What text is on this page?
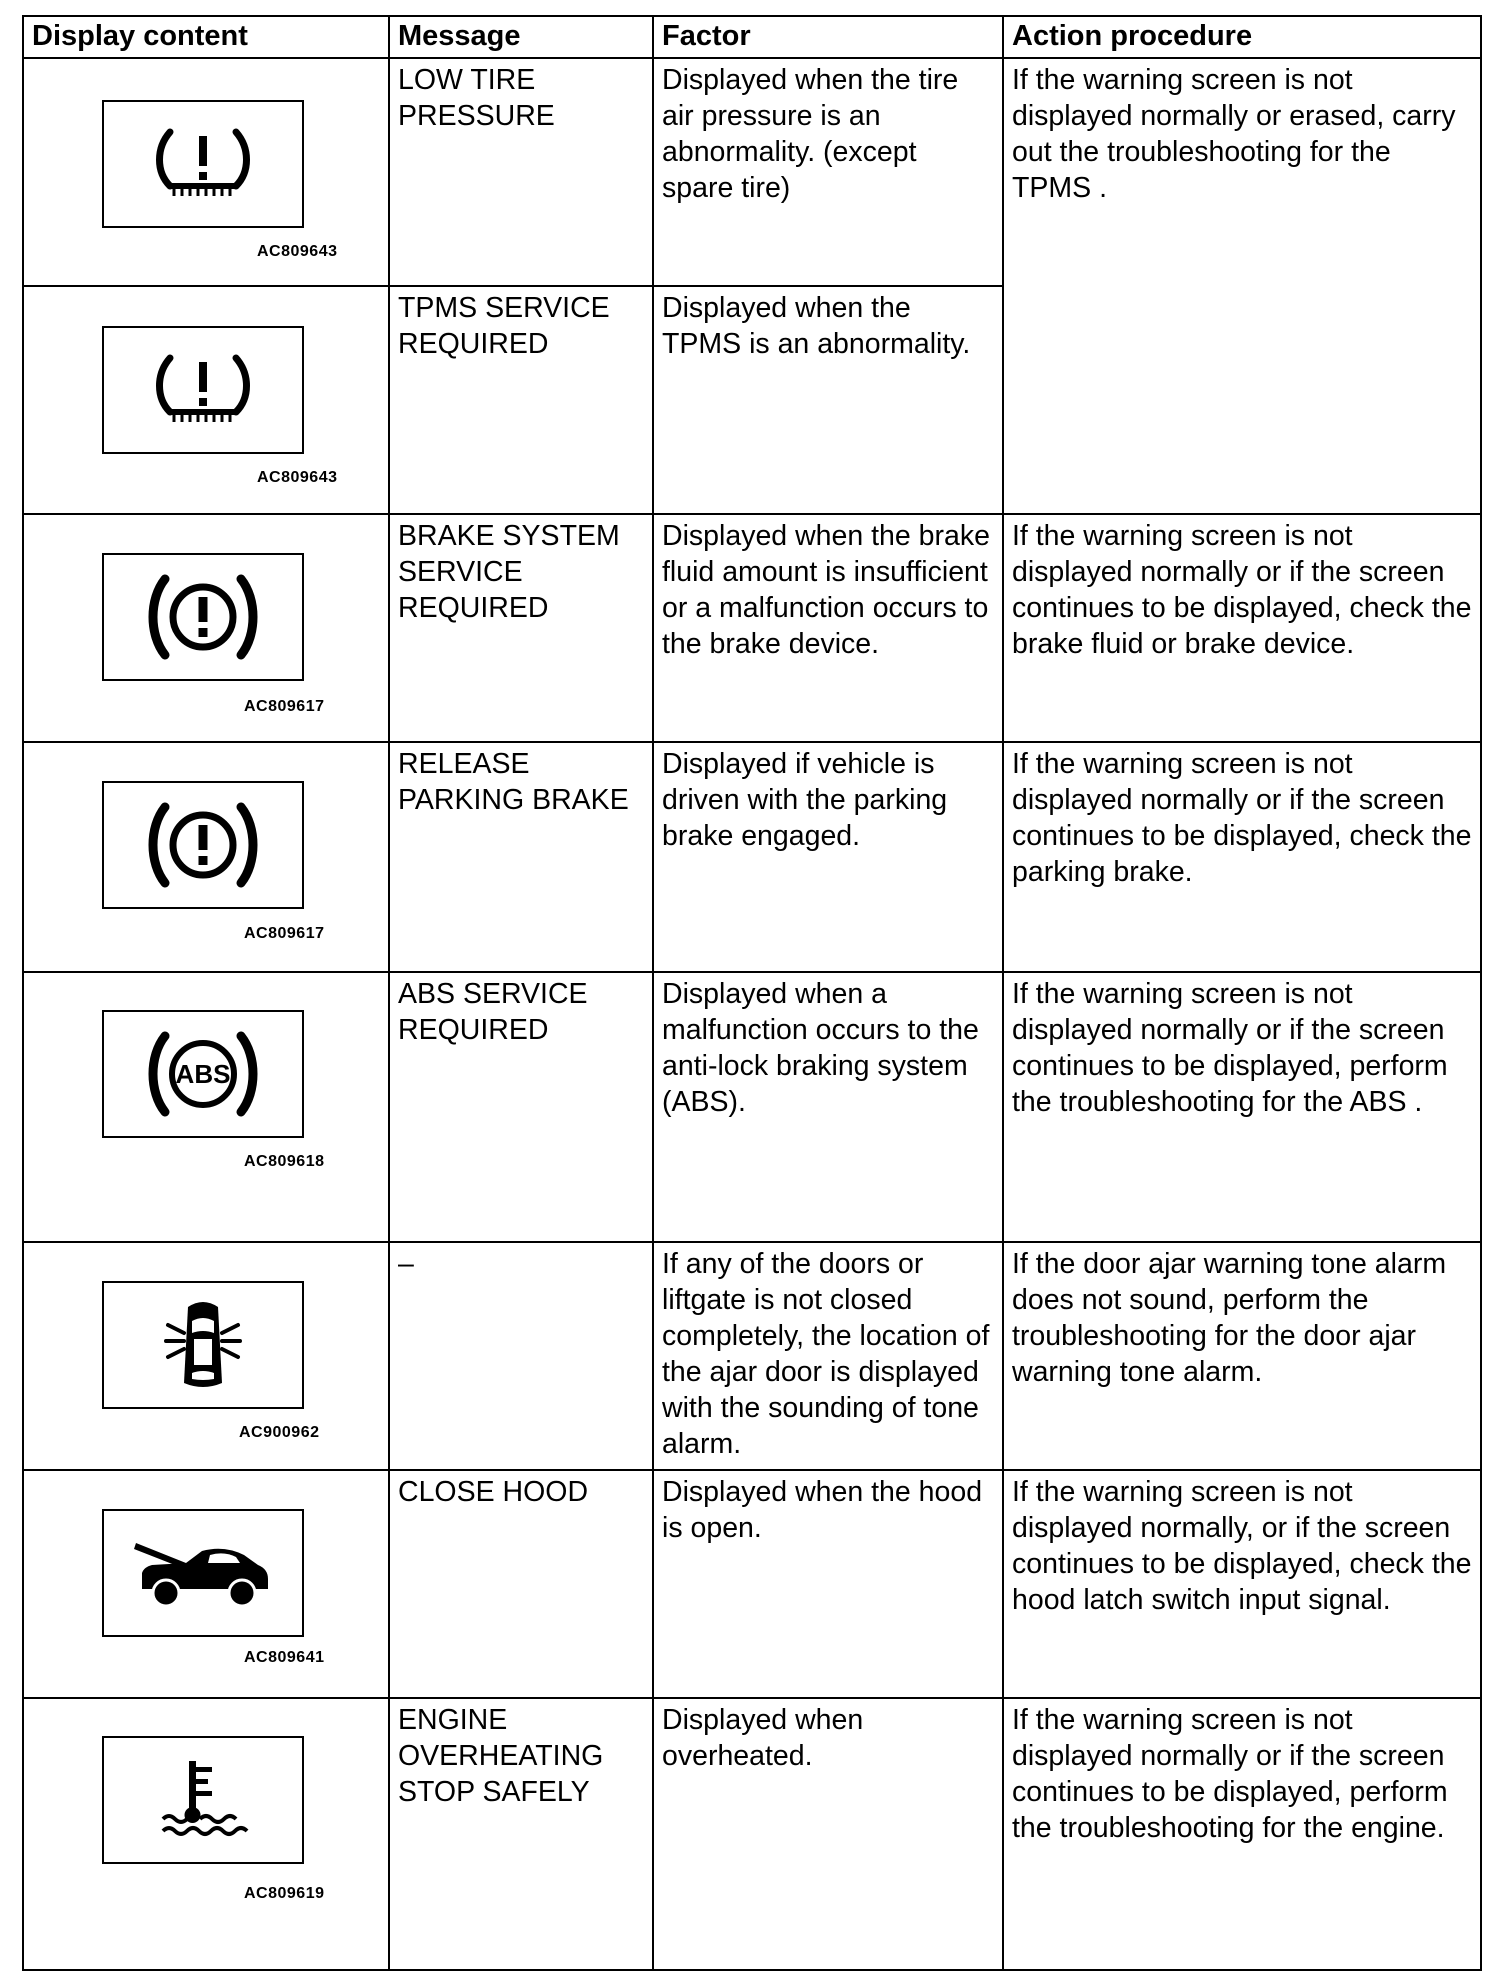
Display content	Message	Factor	Action procedure

AC809643	LOW TIRE PRESSURE	Displayed when the tire air pressure is an abnormality. (except spare tire)	If the warning screen is not displayed normally or erased, carry out the troubleshooting for the TPMS .

AC809643	TPMS SERVICE REQUIRED	Displayed when the TPMS is an abnormality.	

AC809617	BRAKE SYSTEM SERVICE REQUIRED	Displayed when the brake fluid amount is insufficient or a malfunction occurs to the brake device.	If the warning screen is not displayed normally or if the screen continues to be displayed, check the brake fluid or brake device.

AC809617	RELEASE PARKING BRAKE	Displayed if vehicle is driven with the parking brake engaged.	If the warning screen is not displayed normally or if the screen continues to be displayed, check the parking brake.

ABS
AC809618	ABS SERVICE REQUIRED	Displayed when a malfunction occurs to the anti-lock braking system (ABS).	If the warning screen is not displayed normally or if the screen continues to be displayed, perform the troubleshooting for the ABS .

AC900962	–	If any of the doors or liftgate is not closed completely, the location of the ajar door is displayed with the sounding of tone alarm.	If the door ajar warning tone alarm does not sound, perform the troubleshooting for the door ajar warning tone alarm.

AC809641	CLOSE HOOD	Displayed when the hood is open.	If the warning screen is not displayed normally, or if the screen continues to be displayed, check the hood latch switch input signal.

AC809619	ENGINE OVERHEATING STOP SAFELY	Displayed when overheated.	If the warning screen is not displayed normally or if the screen continues to be displayed, perform the troubleshooting for the engine.
